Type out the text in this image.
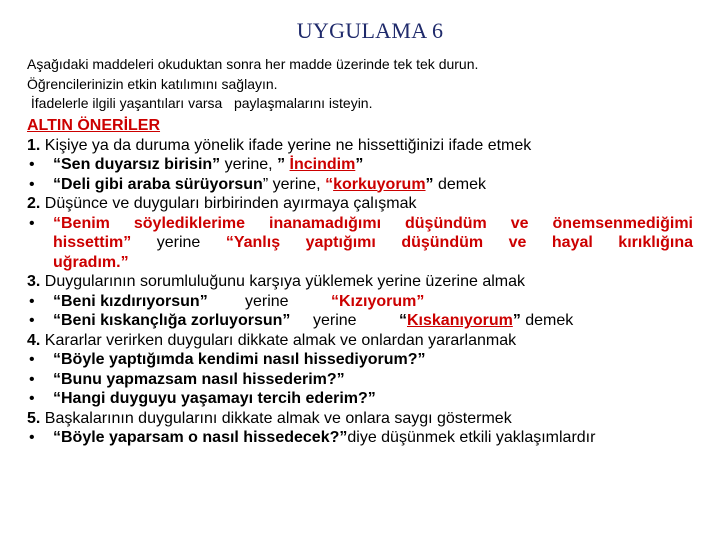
UYGULAMA 6
Aşağıdaki maddeleri okuduktan sonra her madde üzerinde tek tek durun.
Öğrencilerinizin etkin katılımını sağlayın.
İfadelerle ilgili yaşantıları varsa   paylaşmalarını isteyin.
ALTIN ÖNERİLER
1. Kişiye ya da duruma yönelik ifade yerine ne hissettiğinizi ifade etmek
• “Sen duyarsız birisin” yerine, ” İncindim”
• “Deli gibi araba sürüyorsun” yerine, “korkuyorum” demek
2. Düşünce ve duyguları birbirinden ayırmaya çalışmak
• “Benim söylediklerime inanamadığımı düşündüm ve önemsenmediğimi
hissettim” yerine “Yanlış yaptığımı düşündüm ve hayal kırıklığına
uğradım.”
3. Duygularının sorumluluğunu karşıya yüklemek yerine üzerine almak
• “Beni kızdırıyorsun” yerine	“Kızıyorum”
• “Beni kıskançlığa zorluyorsun” yerine	“Kıskanıyorum” demek
4. Kararlar verirken duyguları dikkate almak ve onlardan yararlanmak
• “Böyle yaptığımda kendimi nasıl hissediyorum?”
• “Bunu yapmazsam nasıl hissederim?”
• “Hangi duyguyu yaşamayı tercih ederim?”
5. Başkalarının duygularını dikkate almak ve onlara saygı göstermek
• “Böyle yaparsam o nasıl hissedecek?”diye düşünmek etkili yaklaşımlardır
